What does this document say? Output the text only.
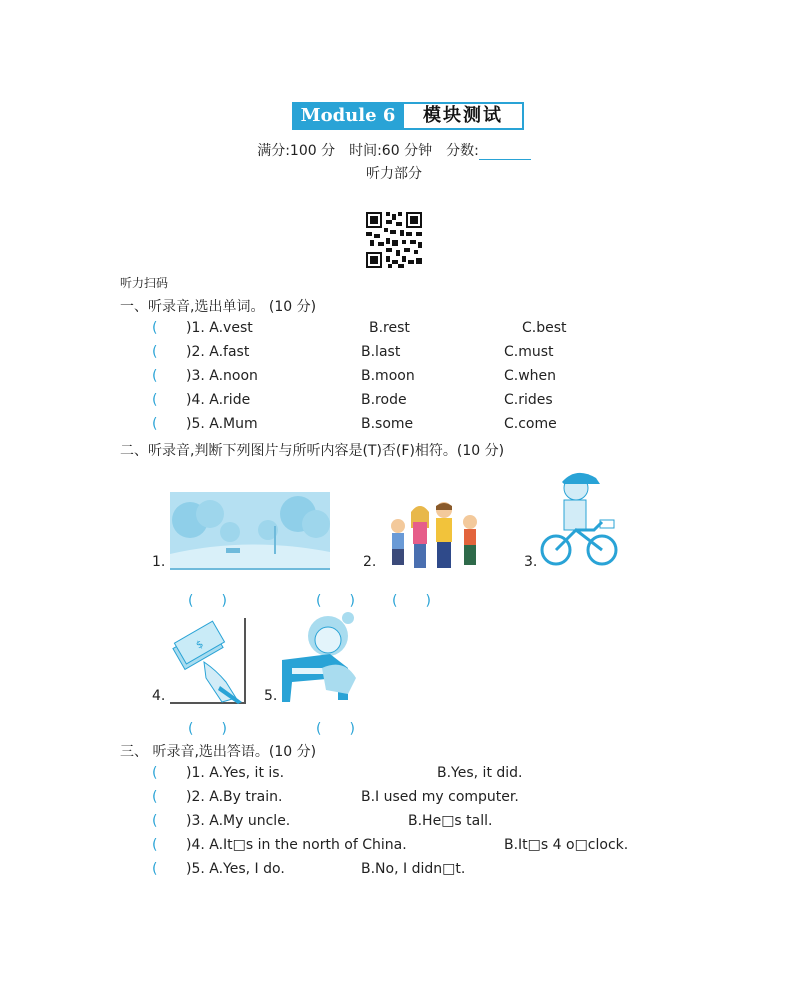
Module 6	模块测试
满分:100 分　时间:60 分钟　分数:
听力部分
听力扫码
一、听录音,选出单词。 (10 分)
( )1. A.vest	B.rest	C.best
( )2. A.fast	B.last	C.must
( )3. A.noon	B.moon	C.when
( )4. A.ride	B.rode	C.rides
( )5. A.Mum	B.some	C.come
二、听录音,判断下列图片与所听内容是(T)否(F)相符。(10 分)
1.	2.	3.
(　　)	(　　)	(　　)
4.
$
5.
(　　)	(　　)
三、 听录音,选出答语。(10 分)
( )1. A.Yes, it is.	B.Yes, it did.
( )2. A.By train.	B.I used my computer.
( )3. A.My uncle.	B.He□s tall.
( )4. A.It□s in the north of China.	B.It□s 4 o□clock.
( )5. A.Yes, I do.	B.No, I didn□t.
